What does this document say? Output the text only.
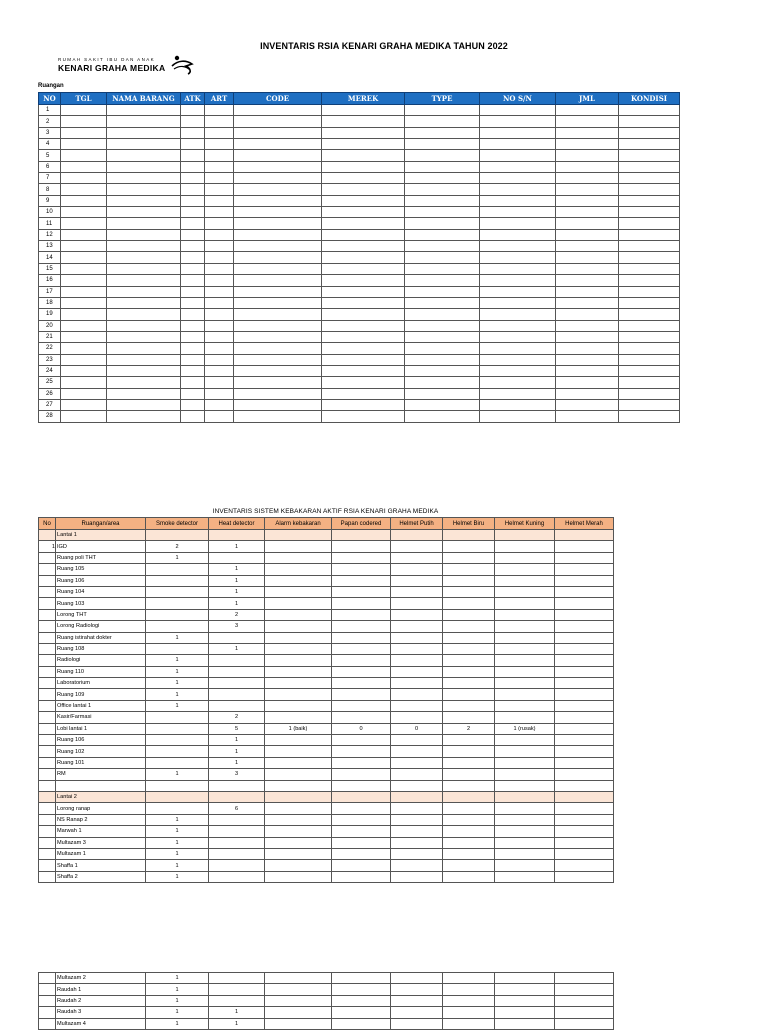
INVENTARIS RSIA KENARI GRAHA MEDIKA TAHUN 2022
RUMAH SAKIT IBU DAN ANAK
KENARI GRAHA MEDIKA
Ruangan
NO	TGL	NAMA BARANG	ATK	ART	CODE	MEREK	TYPE	NO S/N	JML	KONDISI
1										
2										
3										
4										
5										
6										
7										
8										
9										
10										
11										
12										
13										
14										
15										
16										
17										
18										
19										
20										
21										
22										
23										
24										
25										
26										
27										
28										
INVENTARIS SISTEM KEBAKARAN AKTIF RSIA KENARI GRAHA MEDIKA
No	Ruangan/area	Smoke detector	Heat detector	Alarm kebakaran	Papan codered	Helmet Putih	Helmet Biru	Helmet Kuning	Helmet Merah
	Lantai 1								
1	IGD	2	1						
	Ruang poli THT	1							
	Ruang 105		1						
	Ruang 106		1						
	Ruang 104		1						
	Ruang 103		1						
	Lorong THT		2						
	Lorong Radiologi		3						
	Ruang istirahat dokter	1							
	Ruang 108		1						
	Radiologi	1							
	Ruang 110	1							
	Laboratorium	1							
	Ruang 109	1							
	Office lantai 1	1							
	Kasir/Farmasi		2						
	Lobi lantai 1		5	1 (baik)	0	0	2	1 (rusak)	
	Ruang 106		1						
	Ruang 102		1						
	Ruang 101		1						
	RM	1	3						

	Lantai 2								
	Lorong ranap		6						
	NS Ranap 2	1							
	Marwah 1	1							
	Multazam 3	1							
	Multazam 1	1							
	Shaffa 1	1							
	Shaffa 2	1							
	Multazam 2	1							
	Raudah 1	1							
	Raudah 2	1							
	Raudah 3	1	1						
	Multazam 4	1	1						
